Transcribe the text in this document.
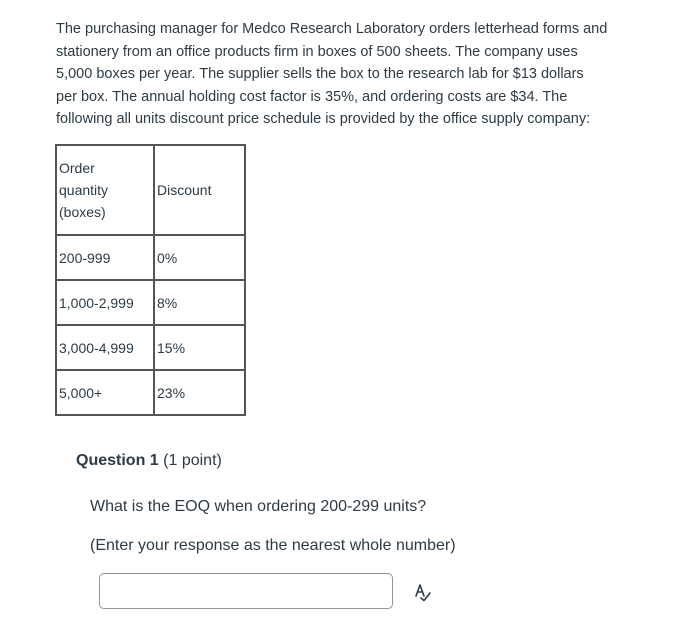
The purchasing manager for Medco Research Laboratory orders letterhead forms and
stationery from an office products firm in boxes of 500 sheets. The company uses
5,000 boxes per year. The supplier sells the box to the research lab for $13 dollars
per box. The annual holding cost factor is 35%, and ordering costs are $34. The
following all units discount price schedule is provided by the office supply company:

Order
quantity
(boxes)	Discount
200-999	0%
1,000-2,999	8%
3,000-4,999	15%
5,000+	23%
Question 1 (1 point)
What is the EOQ when ordering 200-299 units?
(Enter your response as the nearest whole number)
